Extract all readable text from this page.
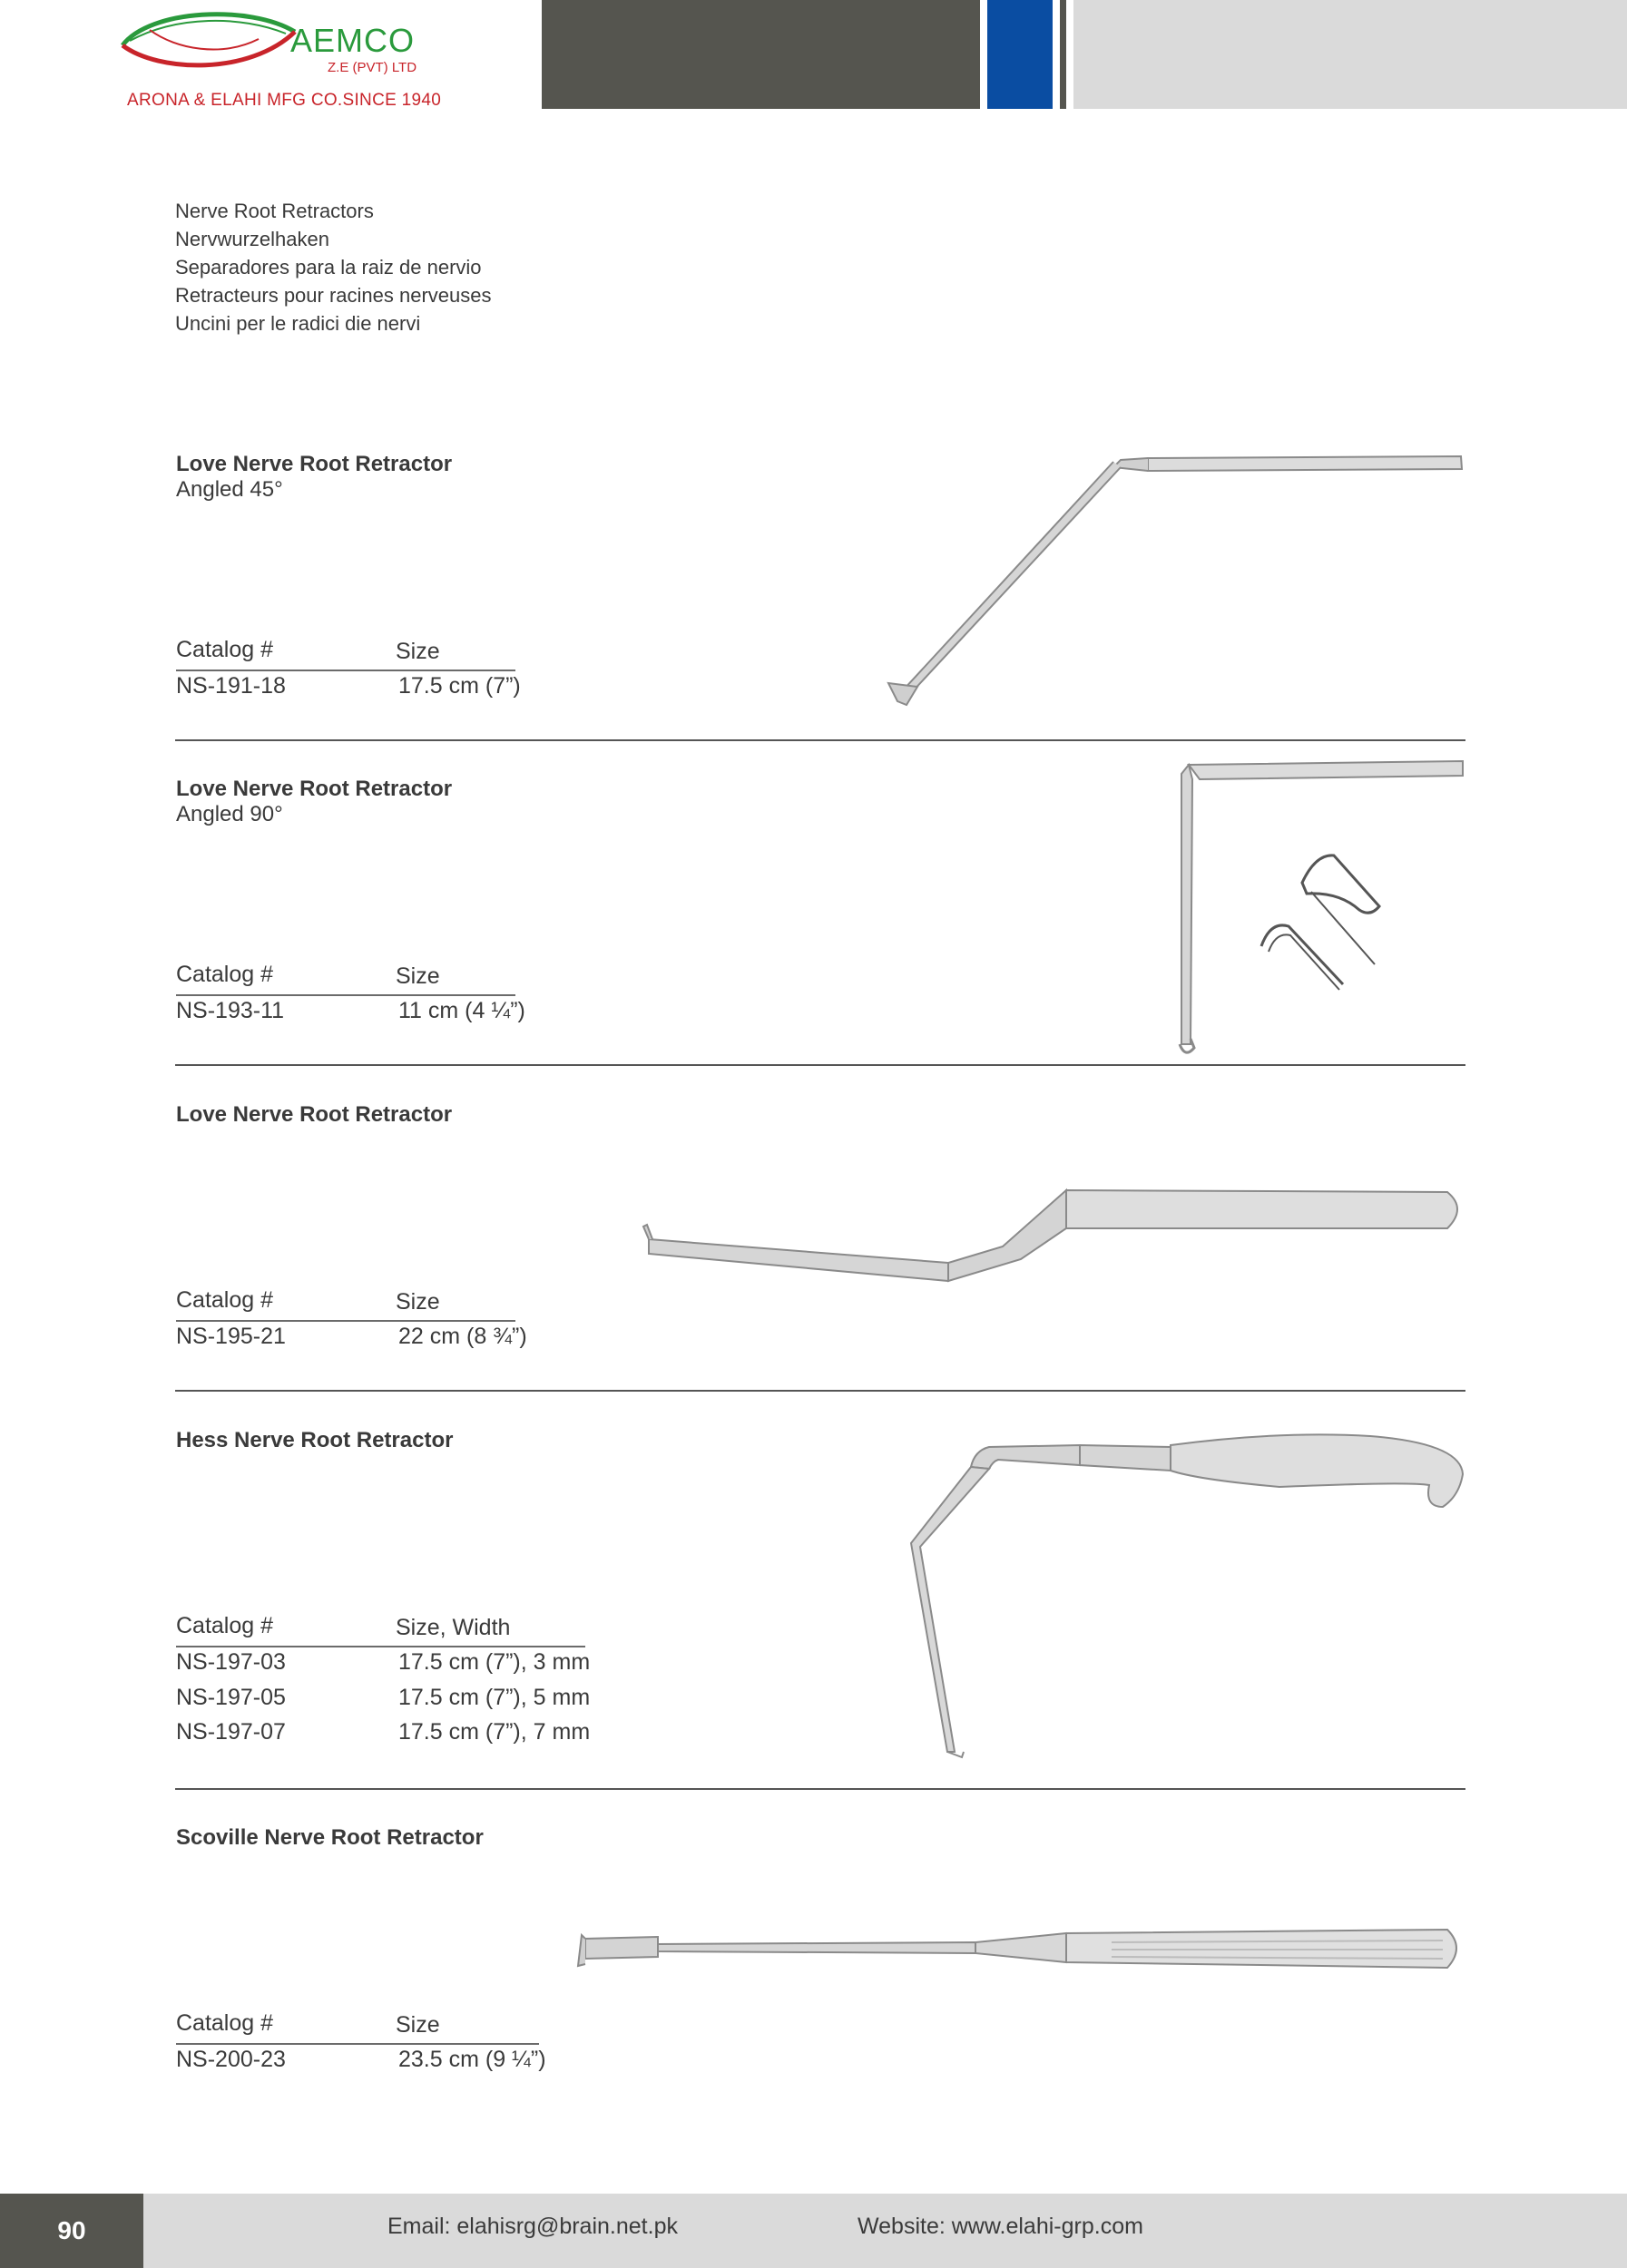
AEMCO
Z.E (PVT) LTD
ARONA & ELAHI MFG CO.SINCE 1940
Nerve Root Retractors
Nervwurzelhaken
Separadores para la raiz de nervio
Retracteurs pour racines nerveuses
Uncini per le radici die nervi
Love Nerve Root Retractor
Angled 45°
Catalog #	Size
NS-191-18	17.5 cm (7”)
Love Nerve Root Retractor
Angled 90°
Catalog #	Size
NS-193-11	11 cm (4 ¼”)
Love Nerve Root Retractor
Catalog #	Size
NS-195-21	22 cm (8 ¾”)
Hess Nerve Root Retractor
Catalog #	Size, Width
NS-197-03	17.5 cm (7”), 3 mm
NS-197-05	17.5 cm (7”), 5 mm
NS-197-07	17.5 cm (7”), 7 mm
Scoville Nerve Root Retractor
Catalog #	Size
NS-200-23	23.5 cm (9 ¼”)
90	Email: elahisrg@brain.net.pk	Website: www.elahi-grp.com
